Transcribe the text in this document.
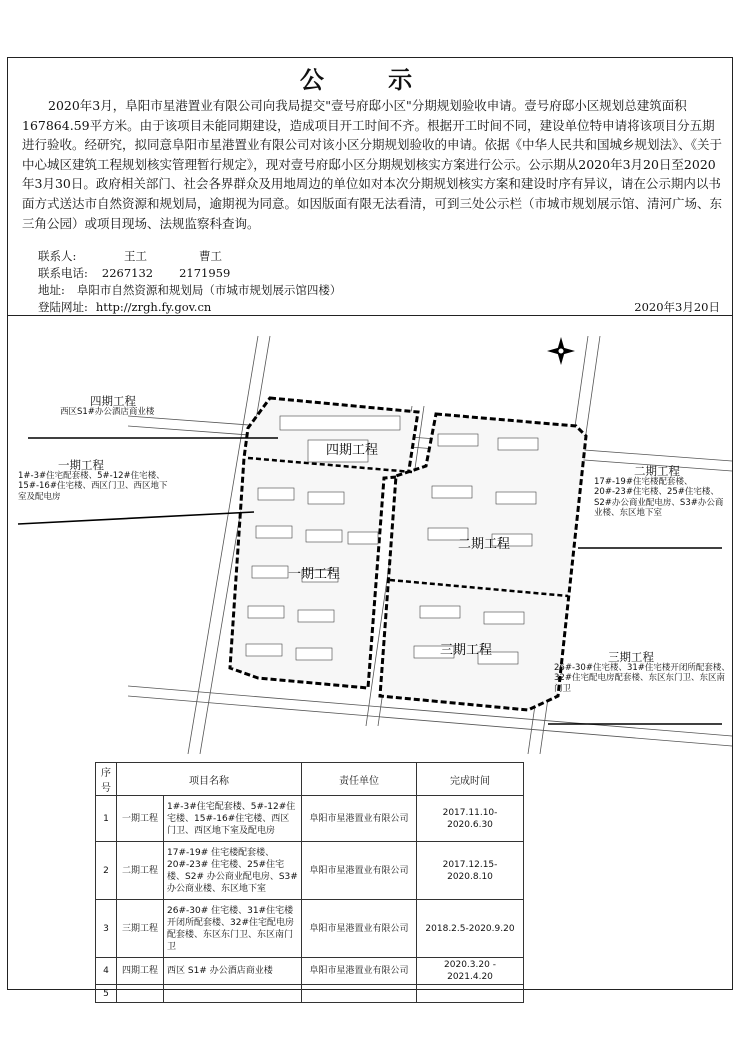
公 示
2020年3月，阜阳市星港置业有限公司向我局提交"壹号府邸小区"分期规划验收申请。壹号府邸小区规划总建筑面积167864.59平方米。由于该项目未能同期建设，造成项目开工时间不齐。根据开工时间不同，建设单位特申请将该项目分五期进行验收。经研究，拟同意阜阳市星港置业有限公司对该小区分期规划验收的申请。依据《中华人民共和国城乡规划法》、《关于中心城区建筑工程规划核实管理暂行规定》，现对壹号府邸小区分期规划核实方案进行公示。公示期从2020年3月20日至2020年3月30日。政府相关部门、社会各界群众及用地周边的单位如对本次分期规划核实方案和建设时序有异议，请在公示期内以书面方式送达市自然资源和规划局，逾期视为同意。如因版面有限无法看清，可到三处公示栏（市城市规划展示馆、清河广场、东三角公园）或项目现场、法规监察科查询。
联系人:	王工	曹工
联系电话: 2267132 2171959
地址: 阜阳市自然资源和规划局（市城市规划展示馆四楼）
登陆网址: http://zrgh.fy.gov.cn	2020年3月20日
四期工程
一期工程
二期工程
三期工程
四期工程
西区S1#办公酒店商业楼
一期工程
1#-3#住宅配套楼、5#-12#住宅楼、15#-16#住宅楼、西区门卫、西区地下室及配电房
二期工程
17#-19#住宅楼配套楼、20#-23#住宅楼、25#住宅楼、S2#办公商业配电房、S3#办公商业楼、东区地下室
三期工程
26#-30#住宅楼、31#住宅楼开闭所配套楼、32#住宅配电房配套楼、东区东门卫、东区南门卫
序号	项目名称		责任单位	完成时间
1	一期工程	1#-3#住宅配套楼、5#-12#住宅楼、15#-16#住宅楼、西区门卫、西区地下室及配电房	阜阳市星港置业有限公司	2017.11.10-2020.6.30
2	二期工程	17#-19# 住宅楼配套楼、20#-23# 住宅楼、25#住宅楼、S2# 办公商业配电房、S3#办公商业楼、东区地下室	阜阳市星港置业有限公司	2017.12.15-2020.8.10
3	三期工程	26#-30# 住宅楼、31#住宅楼开闭所配套楼、32#住宅配电房配套楼、东区东门卫、东区南门卫	阜阳市星港置业有限公司	2018.2.5-2020.9.20
4	四期工程	西区 S1# 办公酒店商业楼	阜阳市星港置业有限公司	2020.3.20 - 2021.4.20
5				
